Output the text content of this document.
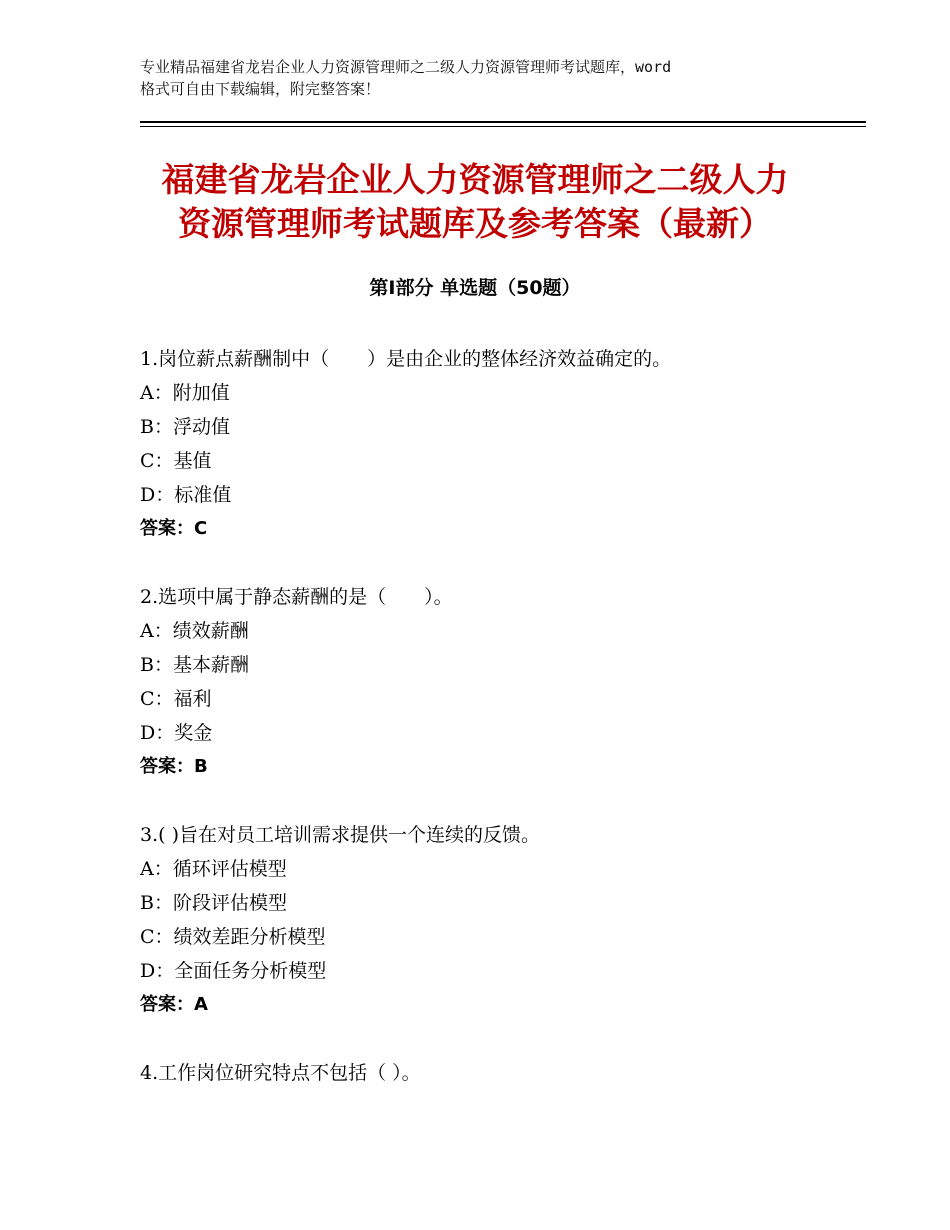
专业精品福建省龙岩企业人力资源管理师之二级人力资源管理师考试题库，word
格式可自由下载编辑，附完整答案！
福建省龙岩企业人力资源管理师之二级人力
资源管理师考试题库及参考答案（最新）
第Ⅰ部分 单选题（50题）
1.岗位薪点薪酬制中（　　）是由企业的整体经济效益确定的。
A：附加值
B：浮动值
C：基值
D：标准值
答案：C
2.选项中属于静态薪酬的是（　　）。
A：绩效薪酬
B：基本薪酬
C：福利
D：奖金
答案：B
3.( )旨在对员工培训需求提供一个连续的反馈。
A：循环评估模型
B：阶段评估模型
C：绩效差距分析模型
D：全面任务分析模型
答案：A
4.工作岗位研究特点不包括（ ）。
